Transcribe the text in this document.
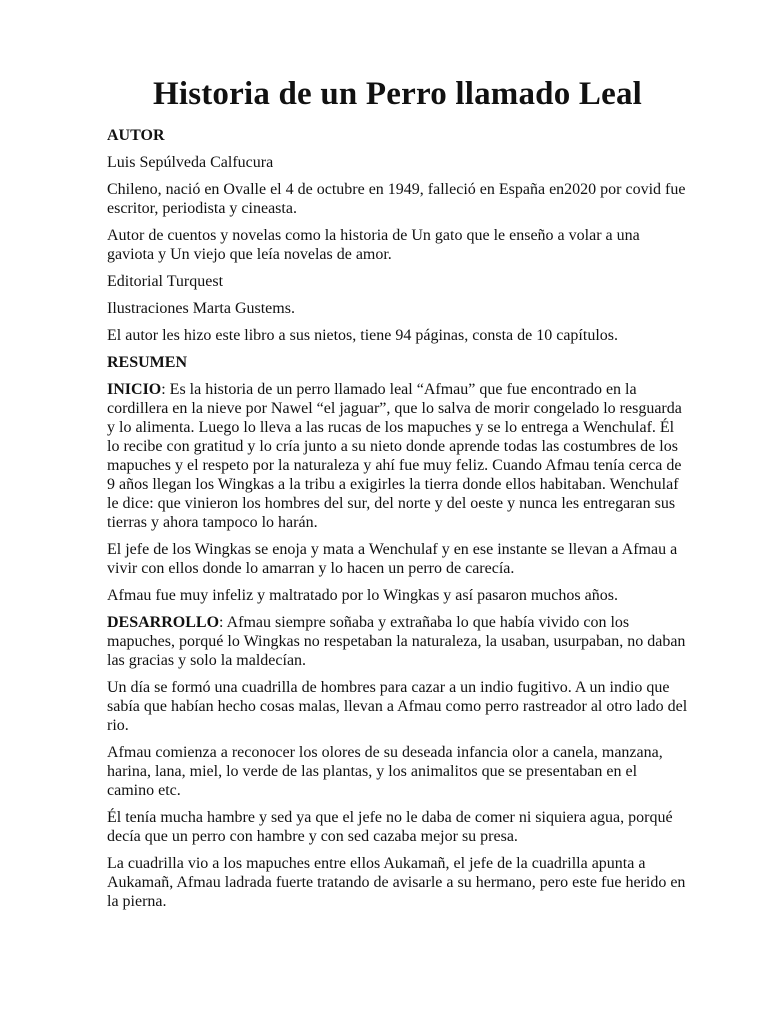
Historia de un Perro llamado Leal

AUTOR

Luis Sepúlveda Calfucura

Chileno, nació en Ovalle el 4 de octubre en 1949, falleció en España en2020 por covid fue escritor, periodista y cineasta.

Autor de cuentos y novelas como la historia de Un gato que le enseño a volar a una gaviota y Un viejo que leía novelas de amor.

Editorial Turquest

Ilustraciones Marta Gustems.

El autor les hizo este libro a sus nietos, tiene 94 páginas, consta de 10 capítulos.

RESUMEN

INICIO: Es la historia de un perro llamado leal “Afmau” que fue encontrado en la cordillera en la nieve por Nawel “el jaguar”, que lo salva de morir congelado lo resguarda y lo alimenta. Luego lo lleva a las rucas de los mapuches y se lo entrega a Wenchulaf. Él lo recibe con gratitud y lo cría junto a su nieto donde aprende todas las costumbres de los mapuches y el respeto por la naturaleza y ahí fue muy feliz. Cuando Afmau tenía cerca de 9 años llegan los Wingkas a la tribu a exigirles la tierra donde ellos habitaban. Wenchulaf le dice: que vinieron los hombres del sur, del norte y del oeste y nunca les entregaran sus tierras y ahora tampoco lo harán.

El jefe de los Wingkas se enoja y mata a Wenchulaf y en ese instante se llevan a Afmau a vivir con ellos donde lo amarran y lo hacen un perro de carecía.

Afmau fue muy infeliz y maltratado por lo Wingkas y así pasaron muchos años.

DESARROLLO: Afmau siempre soñaba y extrañaba lo que había vivido con los mapuches, porqué lo Wingkas no respetaban la naturaleza, la usaban, usurpaban, no daban las gracias y solo la maldecían.

Un día se formó una cuadrilla de hombres para cazar a un indio fugitivo. A un indio que sabía que habían hecho cosas malas, llevan a Afmau como perro rastreador al otro lado del rio.

Afmau comienza a reconocer los olores de su deseada infancia olor a canela, manzana, harina, lana, miel, lo verde de las plantas, y los animalitos que se presentaban en el camino etc.

Él tenía mucha hambre y sed ya que el jefe no le daba de comer ni siquiera agua, porqué decía que un perro con hambre y con sed cazaba mejor su presa.

La cuadrilla vio a los mapuches entre ellos Aukamañ, el jefe de la cuadrilla apunta a Aukamañ, Afmau ladrada fuerte tratando de avisarle a su hermano, pero este fue herido en la pierna.
